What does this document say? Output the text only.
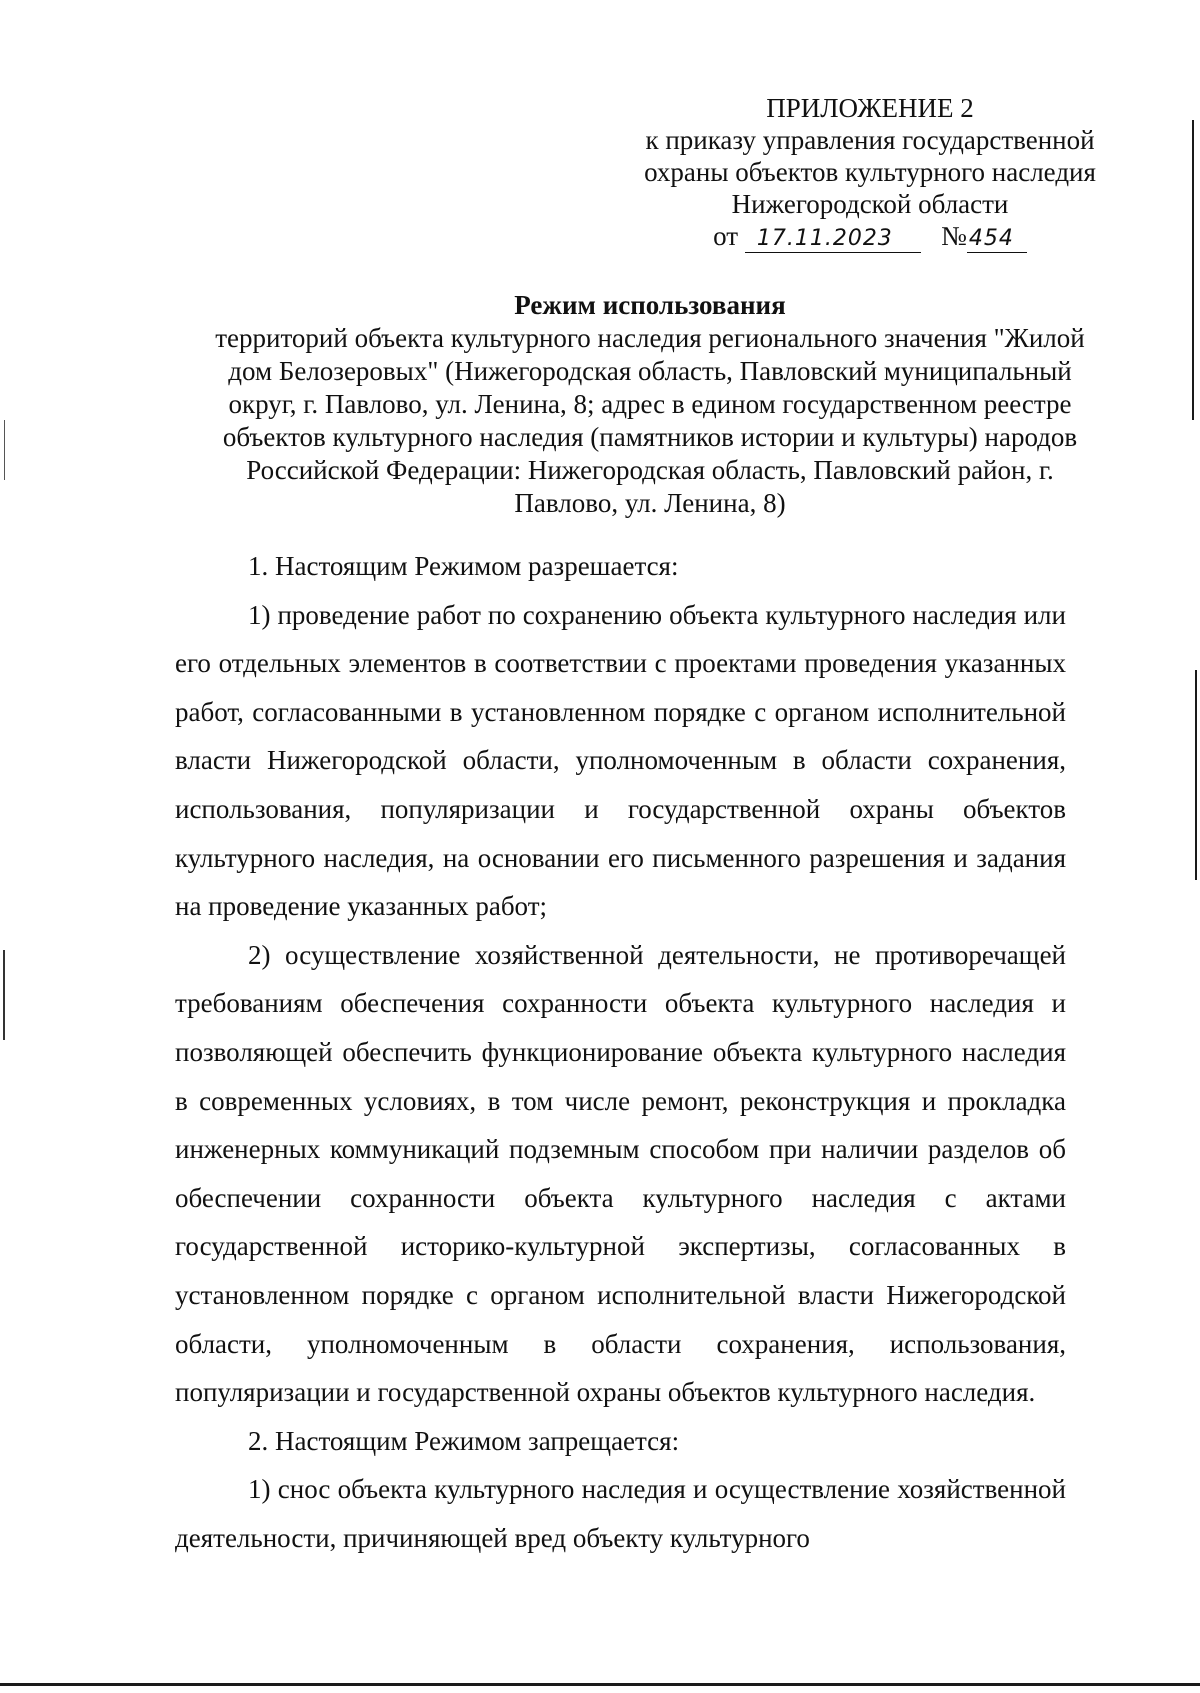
ПРИЛОЖЕНИЕ 2
к приказу управления государственной
охраны объектов культурного наследия
Нижегородской области
от 17.11.2023 №454
Режим использования
территорий объекта культурного наследия регионального значения "Жилой дом Белозеровых" (Нижегородская область, Павловский муниципальный округ, г. Павлово, ул. Ленина, 8; адрес в едином государственном реестре объектов культурного наследия (памятников истории и культуры) народов Российской Федерации: Нижегородская область, Павловский район, г. Павлово, ул. Ленина, 8)

1. Настоящим Режимом разрешается:

1) проведение работ по сохранению объекта культурного наследия или его отдельных элементов в соответствии с проектами проведения указанных работ, согласованными в установленном порядке с органом исполнительной власти Нижегородской области, уполномоченным в области сохранения, использования, популяризации и государственной охраны объектов культурного наследия, на основании его письменного разрешения и задания на проведение указанных работ;

2) осуществление хозяйственной деятельности, не противоречащей требованиям обеспечения сохранности объекта культурного наследия и позволяющей обеспечить функционирование объекта культурного наследия в современных условиях, в том числе ремонт, реконструкция и прокладка инженерных коммуникаций подземным способом при наличии разделов об обеспечении сохранности объекта культурного наследия с актами государственной историко-культурной экспертизы, согласованных в установленном порядке с органом исполнительной власти Нижегородской области, уполномоченным в области сохранения, использования, популяризации и государственной охраны объектов культурного наследия.

2. Настоящим Режимом запрещается:

1) снос объекта культурного наследия и осуществление хозяйственной деятельности, причиняющей вред объекту культурного
